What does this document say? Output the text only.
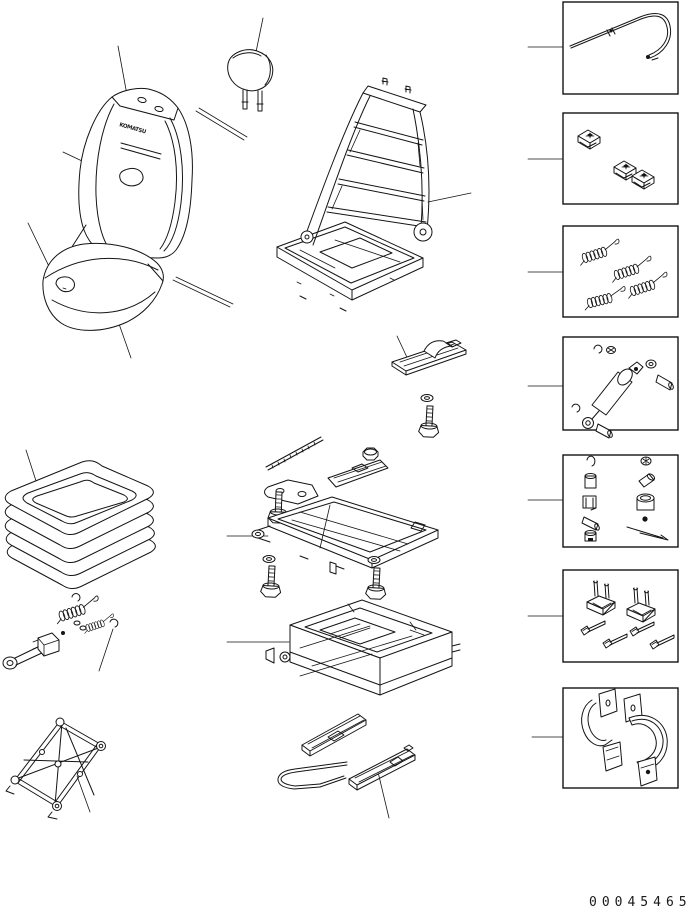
KOMATSU
00045465
